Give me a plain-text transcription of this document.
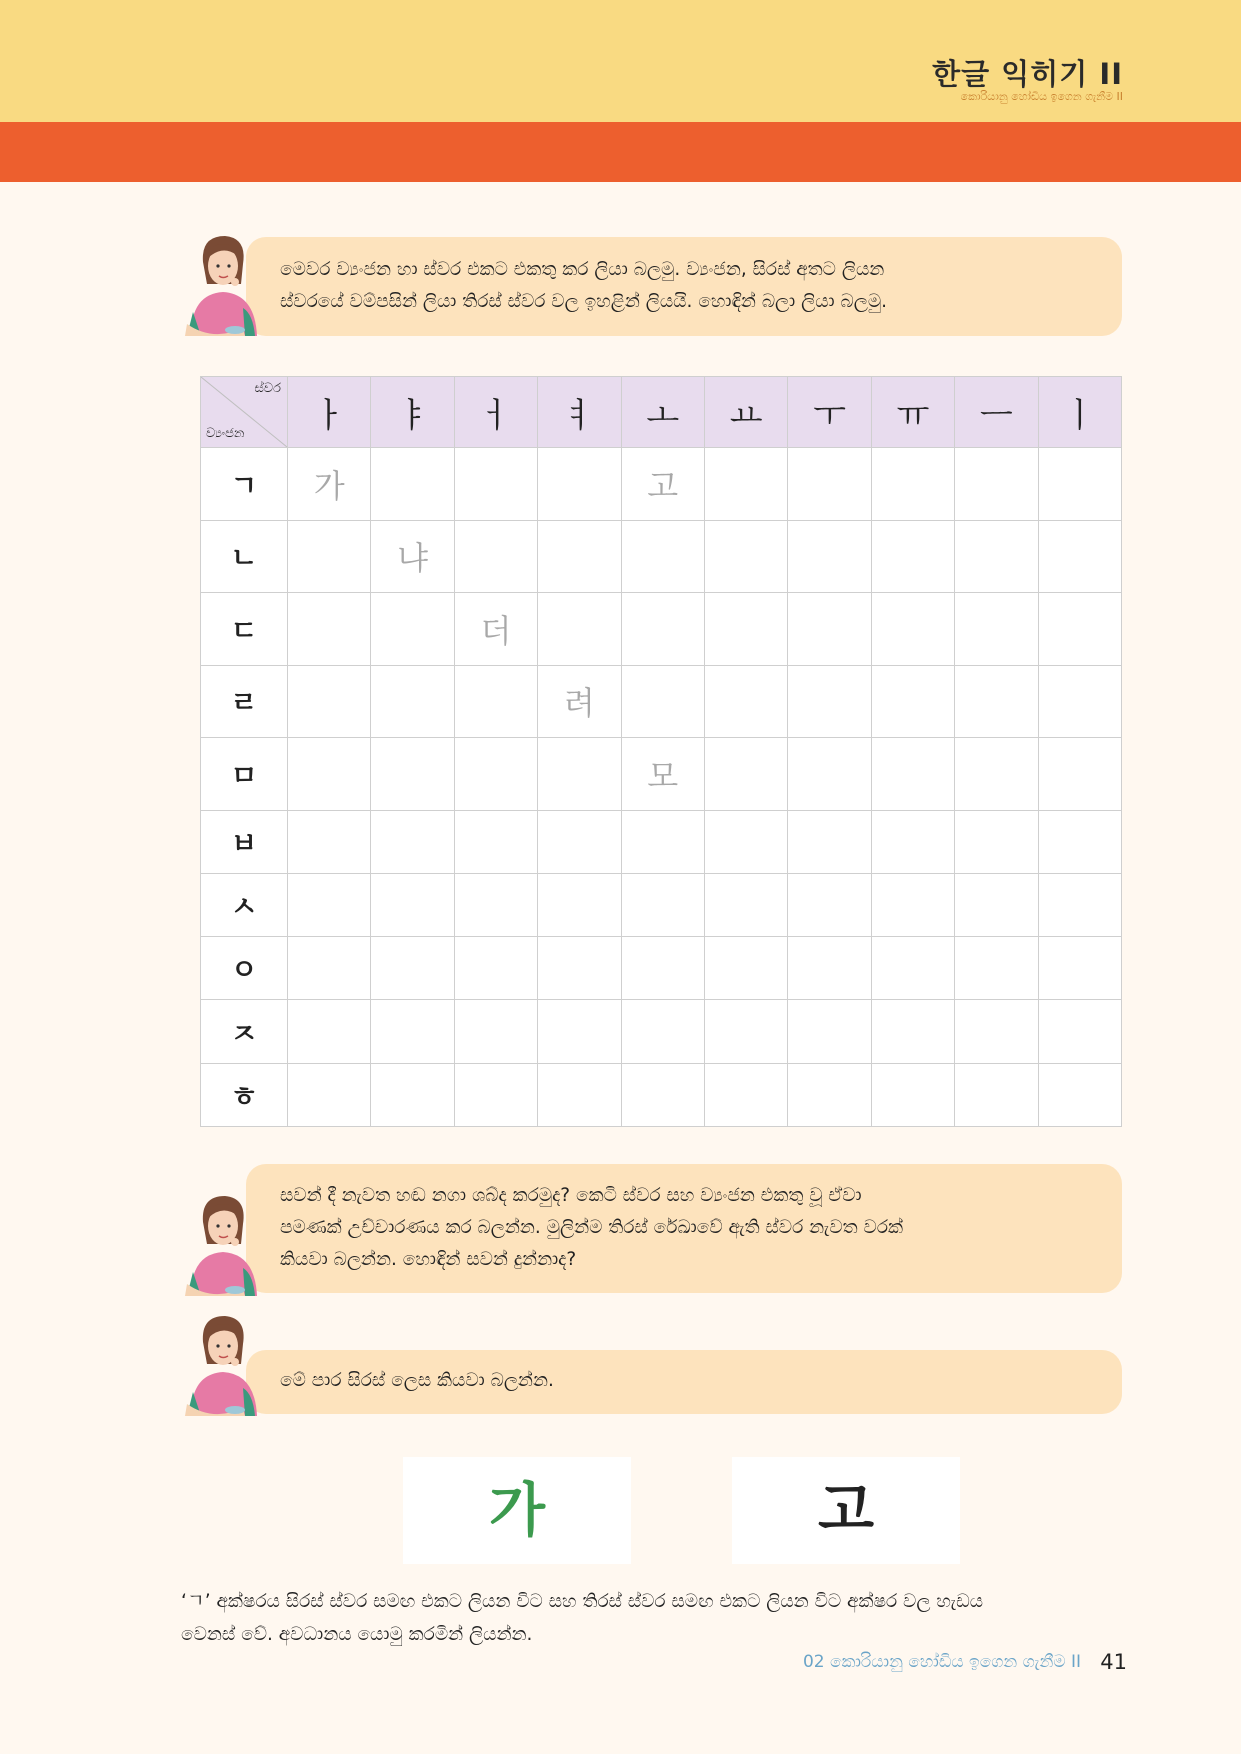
한글 익히기 II
කොරියානු හෝඩිය ඉගෙන ගැනීම II
මෙවර ව්‍යංජන හා ස්වර එකට එකතු කර ලියා බලමු. ව්‍යංජන, සිරස් අතට ලියන
ස්වරයේ වම්පසින් ලියා තිරස් ස්වර වල ඉහළින් ලියයි. හොඳින් බලා ලියා බලමු.
ස්වර
ව්‍යංජන	ㅏ	ㅑ	ㅓ	ㅕ	ㅗ	ㅛ	ㅜ	ㅠ	ㅡ	ㅣ
ㄱ	가				고					
ㄴ		냐								
ㄷ			더							
ㄹ				려						
ㅁ					모					
ㅂ										
ㅅ										
ㅇ										
ㅈ										
ㅎ										
සවන් දී නැවත හඬ නගා ශබ්ද කරමුද? කෙටි ස්වර සහ ව්‍යංජන එකතු වූ ඒවා
පමණක් උච්චාරණය කර බලන්න. මුලින්ම තිරස් රේඛාවේ ඇති ස්වර නැවත වරක්
කියවා බලන්න. හොඳින් සවන් දුන්නාද?
මේ පාර සිරස් ලෙස කියවා බලන්න.
가	고
‘ㄱ’ අක්ෂරය සිරස් ස්වර සමඟ එකට ලියන විට සහ තිරස් ස්වර සමඟ එකට ලියන විට අක්ෂර වල හැඩය
වෙනස් වේ. අවධානය යොමු කරමින් ලියන්න.
02 කොරියානු හෝඩිය ඉගෙන ගැනීම II 41
